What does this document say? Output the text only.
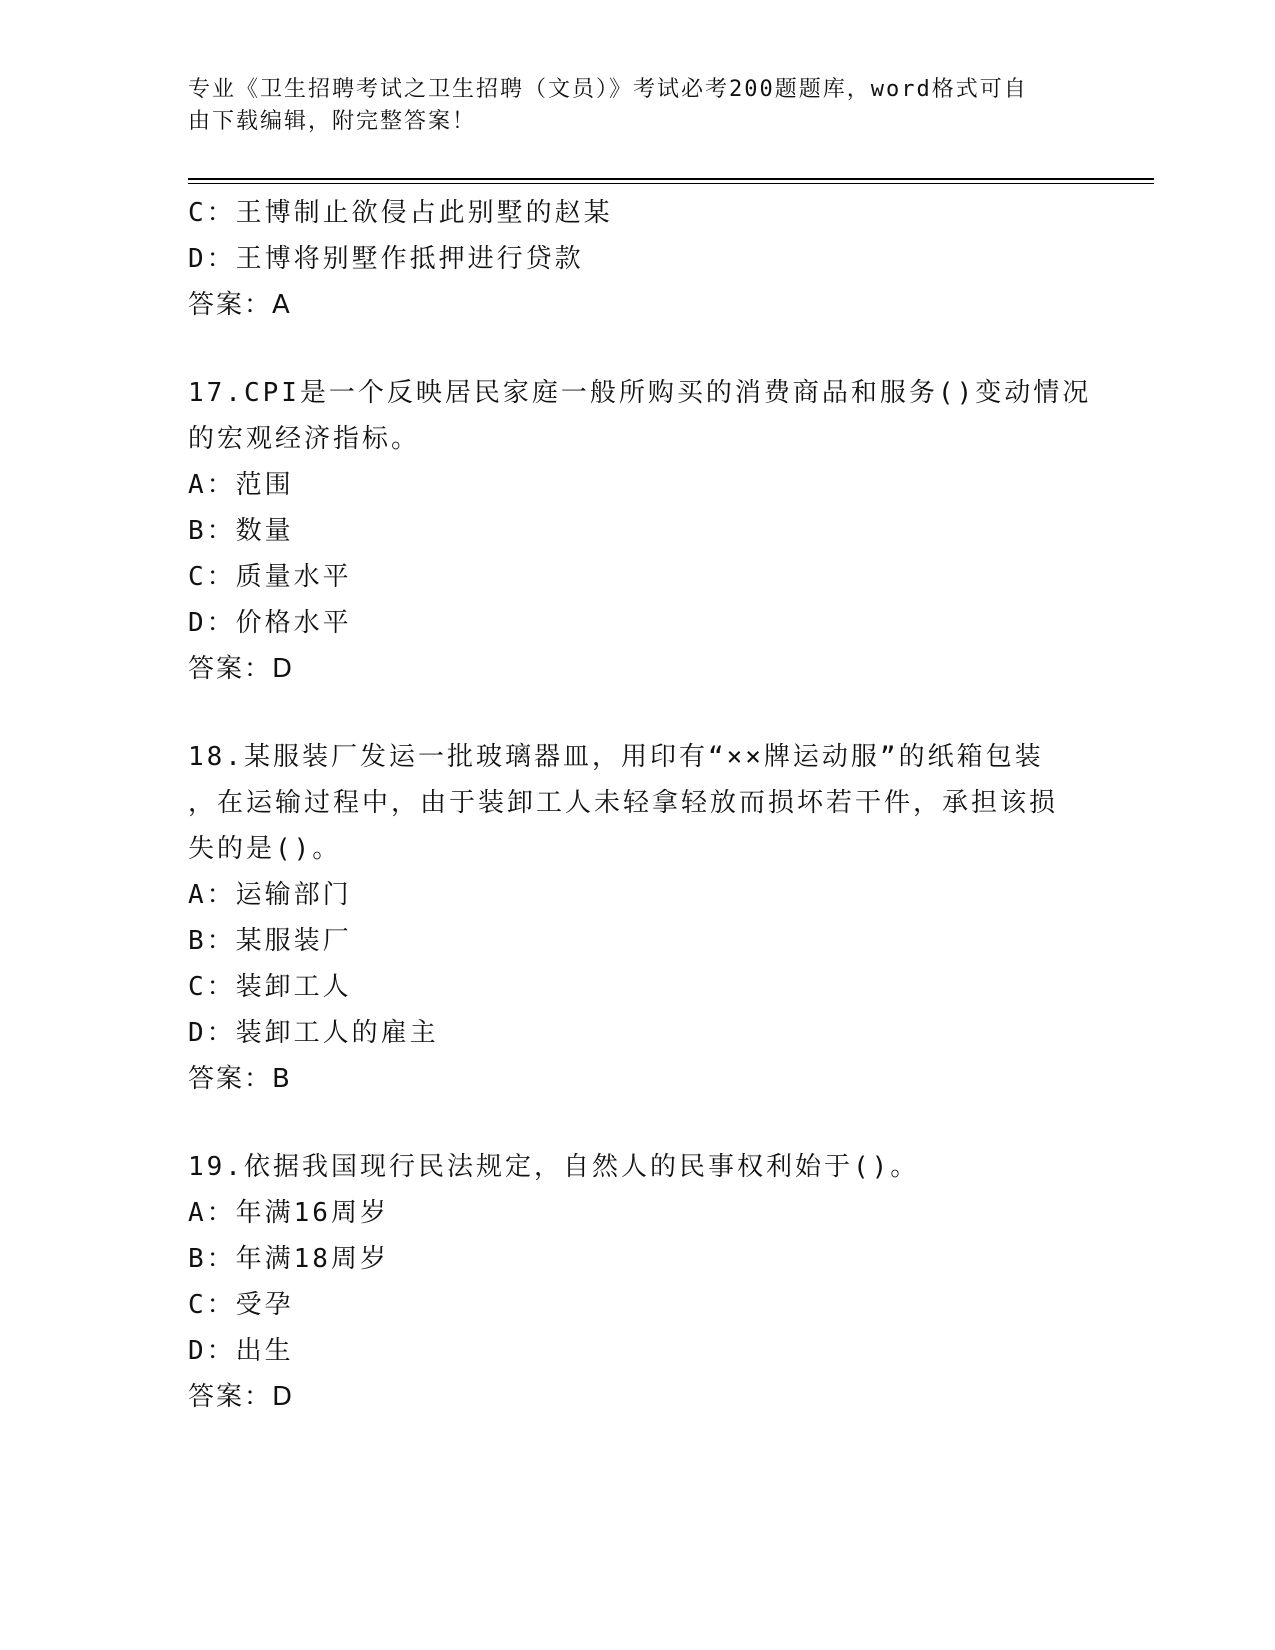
专业《卫生招聘考试之卫生招聘（文员）》考试必考200题题库，word格式可自
由下载编辑，附完整答案！
C：王博制止欲侵占此别墅的赵某
D：王博将别墅作抵押进行贷款
答案：A
17.CPI是一个反映居民家庭一般所购买的消费商品和服务()变动情况
的宏观经济指标。
A：范围
B：数量
C：质量水平
D：价格水平
答案：D
18.某服装厂发运一批玻璃器皿，用印有“××牌运动服”的纸箱包装
，在运输过程中，由于装卸工人未轻拿轻放而损坏若干件，承担该损
失的是()。
A：运输部门
B：某服装厂
C：装卸工人
D：装卸工人的雇主
答案：B
19.依据我国现行民法规定，自然人的民事权利始于()。
A：年满16周岁
B：年满18周岁
C：受孕
D：出生
答案：D
